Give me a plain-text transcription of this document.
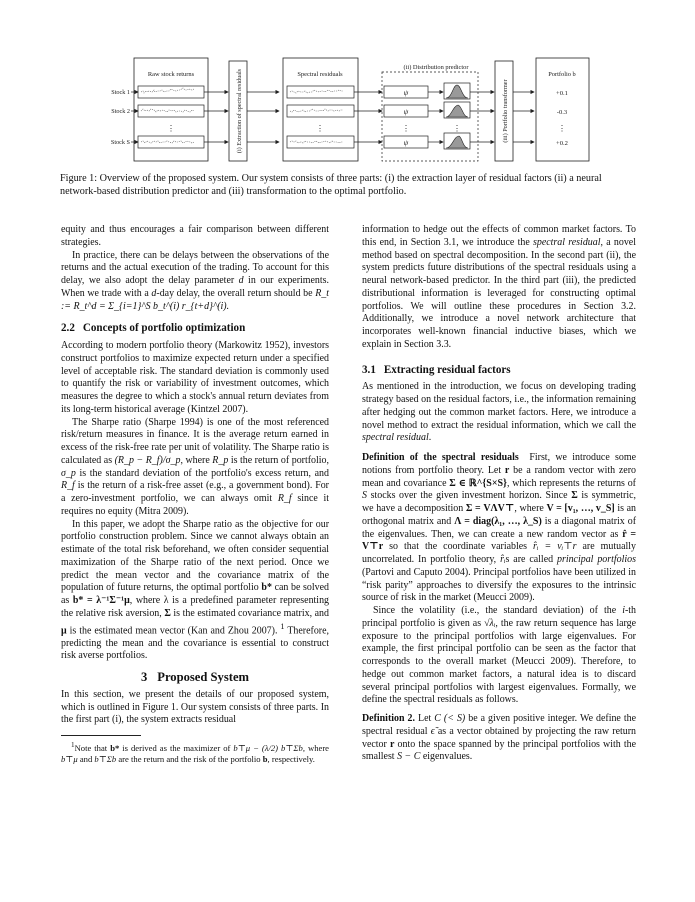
Raw stock returns
Stock 1
Stock 2
Stock S
⋮	(i) Extraction of spectral residuals	Spectral residuals
⋮
(ii) Distribution predictor
ψ
ψ
⋮
ψ
⋮	(iii) Portfolio transformer
Portfolio b
+0.1
-0.3
⋮
+0.2
Figure 1: Overview of the proposed system. Our system consists of three parts: (i) the extraction layer of residual factors (ii) a neural network-based distribution predictor and (iii) transformation to the optimal portfolio.

equity and thus encourages a fair comparison between different strategies.

In practice, there can be delays between the observations of the returns and the actual execution of the trading. To account for this delay, we also adopt the delay parameter d in our experiments. When we trade with a d-day delay, the overall return should be R_t := R_t^d = Σ_{i=1}^S b_t^(i) r_{t+d}^(i).

2.2 Concepts of portfolio optimization

According to modern portfolio theory (Markowitz 1952), investors construct portfolios to maximize expected return under a specified level of acceptable risk. The standard deviation is commonly used to quantify the risk or variability of investment outcomes, which measures the degree to which a stock's annual return deviates from its long-term historical average (Kintzel 2007).

The Sharpe ratio (Sharpe 1994) is one of the most referenced risk/return measures in finance. It is the average return earned in excess of the risk-free rate per unit of volatility. The Sharpe ratio is calculated as (R_p − R_f)/σ_p, where R_p is the return of portfolio, σ_p is the standard deviation of the portfolio's excess return, and R_f is the return of a risk-free asset (e.g., a government bond). For a zero-investment portfolio, we can always omit R_f since it requires no equity (Mitra 2009).

In this paper, we adopt the Sharpe ratio as the objective for our portfolio construction problem. Since we cannot always obtain an estimate of the total risk beforehand, we often consider sequential maximization of the Sharpe ratio of the next period. Once we predict the mean vector and the covariance matrix of the population of future returns, the optimal portfolio b* can be solved as b* = λ⁻¹Σ⁻¹μ, where λ is a predefined parameter representing the relative risk aversion, Σ is the estimated covariance matrix, and μ is the estimated mean vector (Kan and Zhou 2007). $^1$ Therefore, predicting the mean and the covariance is essential to construct risk averse portfolios.

3 Proposed System

In this section, we present the details of our proposed system, which is outlined in Figure 1. Our system consists of three parts. In the first part (i), the system extracts residual

$^1$Note that b* is derived as the maximizer of b⊤μ − (λ/2) b⊤Σb, where b⊤μ and b⊤Σb are the return and the risk of the portfolio b, respectively.

information to hedge out the effects of common market factors. To this end, in Section 3.1, we introduce the spectral residual, a novel method based on spectral decomposition. In the second part (ii), the system predicts future distributions of the spectral residuals using a neural network-based predictor. In the third part (iii), the predicted distributional information is leveraged for constructing optimal portfolios. We will outline these procedures in Section 3.2. Additionally, we introduce a novel network architecture that incorporates well-known financial inductive biases, which we explain in Section 3.3.

3.1 Extracting residual factors

As mentioned in the introduction, we focus on developing trading strategy based on the residual factors, i.e., the information remaining after hedging out the common market factors. Here, we introduce a novel method to extract the residual information, which we call the spectral residual.

Definition of the spectral residuals First, we introduce some notions from portfolio theory. Let r be a random vector with zero mean and covariance Σ ∈ ℝ^{S×S}, which represents the returns of S stocks over the given investment horizon. Since Σ is symmetric, we have a decomposition Σ = VΛV⊤, where V = [v₁, …, v_S] is an orthogonal matrix and Λ = diag(λ₁, …, λ_S) is a diagonal matrix of the eigenvalues. Then, we can create a new random vector as r̂ = V⊤r so that the coordinate variables r̂ᵢ = vᵢ⊤r are mutually uncorrelated. In portfolio theory, r̂ᵢs are called principal portfolios (Partovi and Caputo 2004). Principal portfolios have been utilized in “risk parity” approaches to diversify the exposures to the intrinsic source of risk in the market (Meucci 2009).

Since the volatility (i.e., the standard deviation) of the i-th principal portfolio is given as √λᵢ, the raw return sequence has large exposure to the principal portfolios with large eigenvalues. For example, the first principal portfolio can be seen as the factor that corresponds to the overall market (Meucci 2009). Therefore, to hedge out common market factors, a natural idea is to discard several principal portfolios with largest eigenvalues. Formally, we define the spectral residuals as follows.

Definition 2. Let C (< S) be a given positive integer. We define the spectral residual ϵ̃ as a vector obtained by projecting the raw return vector r onto the space spanned by the principal portfolios with the smallest S − C eigenvalues.
